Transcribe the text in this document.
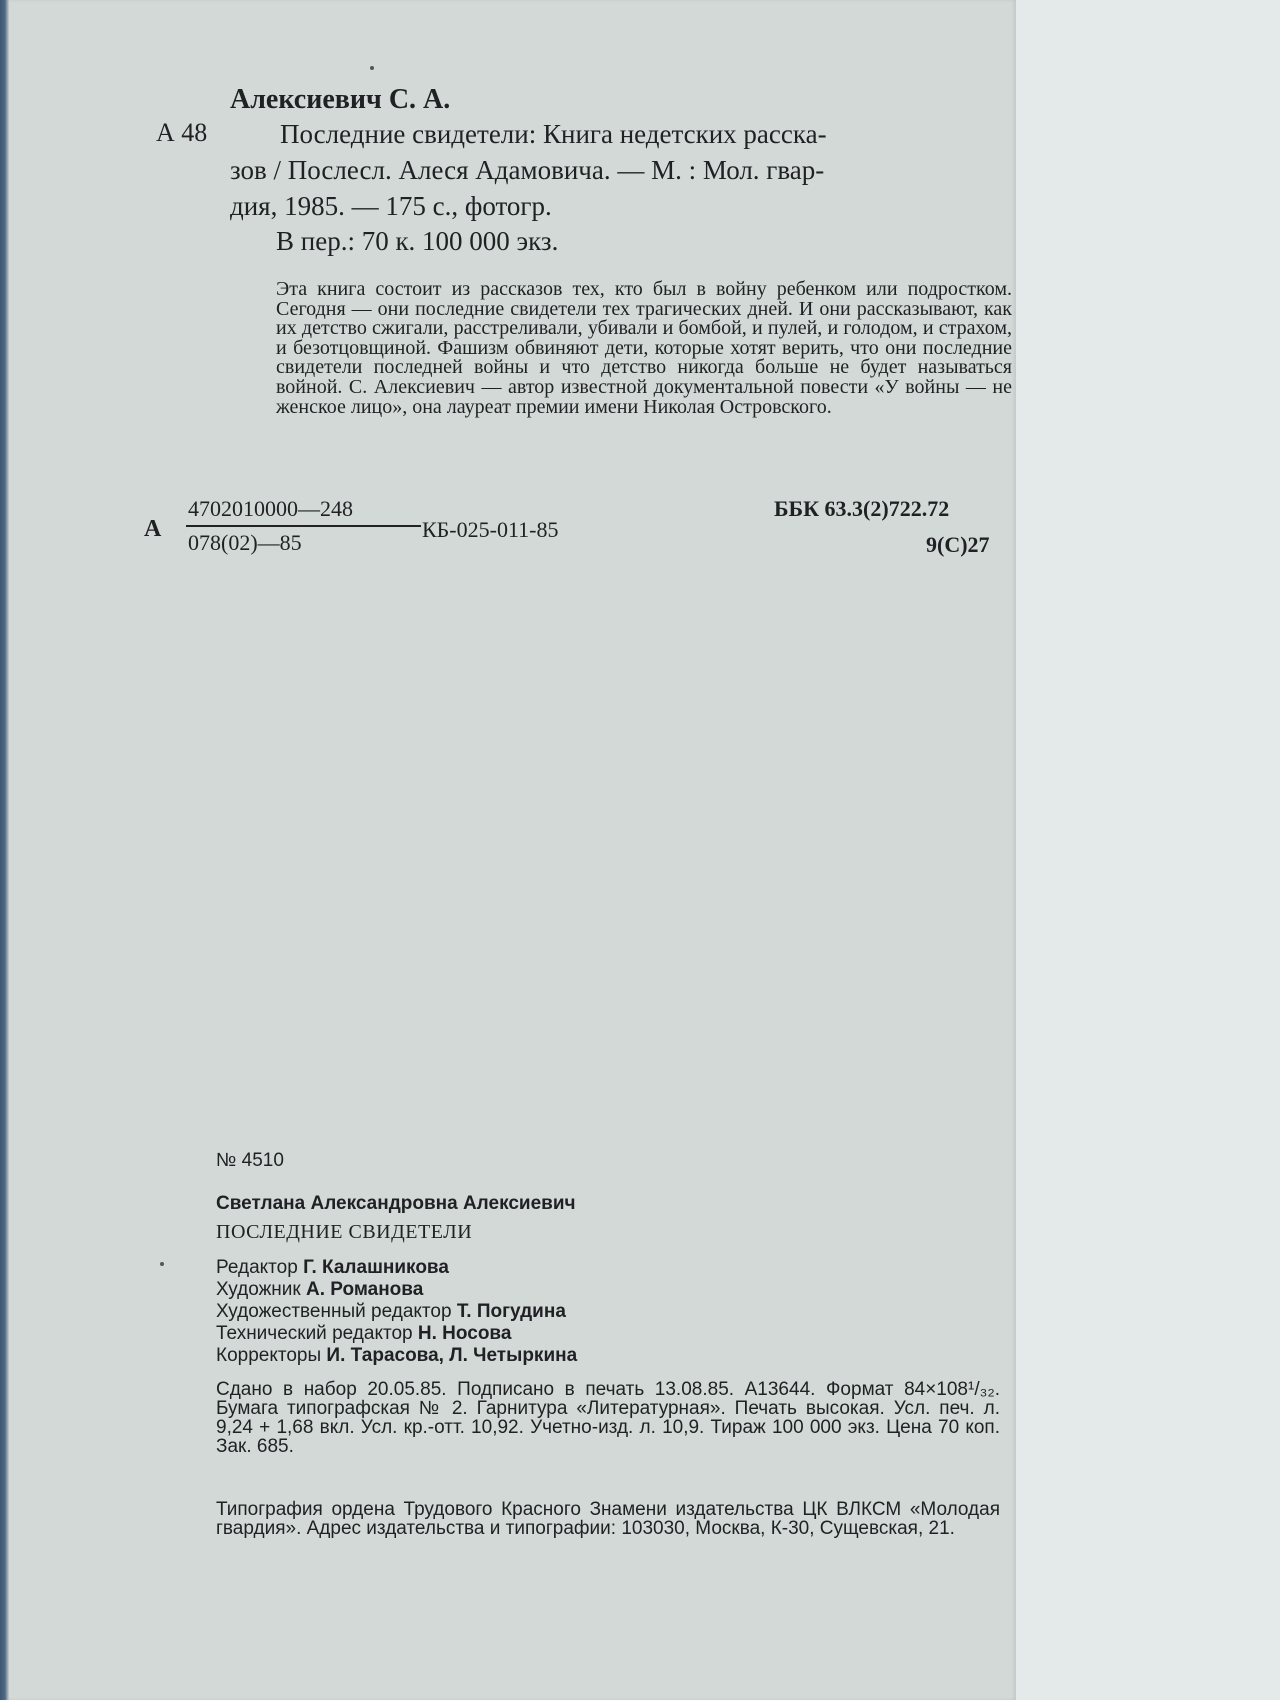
Алексиевич С. А.
А 48	Последние свидетели: Книга недетских расска-
зов / Послесл. Алеся Адамовича. — М. : Мол. гвар-
дия, 1985. — 175 с., фотогр.
В пер.: 70 к. 100 000 экз.

Эта книга состоит из рассказов тех, кто был в войну ребенком или подростком. Сегодня — они последние свидетели тех трагических дней. И они рассказывают, как их детство сжигали, расстреливали, убивали и бомбой, и пулей, и голодом, и страхом, и безотцовщиной. Фашизм обвиняют дети, которые хотят верить, что они последние свидетели последней войны и что детство никогда больше не будет называться войной. С. Алексиевич — автор известной документальной повести «У войны — не женское лицо», она лауреат премии имени Николая Островского.

А
4702010000—248
078(02)—85
КБ-025-011-85
ББК 63.3(2)722.72
9(С)27
№ 4510
Светлана Александровна Алексиевич
ПОСЛЕДНИЕ СВИДЕТЕЛИ
Редактор Г. Калашникова
Художник А. Романова
Художественный редактор Т. Погудина
Технический редактор Н. Носова
Корректоры И. Тарасова, Л. Четыркина

Сдано в набор 20.05.85. Подписано в печать 13.08.85. А13644. Формат 84×108¹/₃₂. Бумага типографская № 2. Гарнитура «Литературная». Печать высокая. Усл. печ. л. 9,24 + 1,68 вкл. Усл. кр.-отт. 10,92. Учетно-изд. л. 10,9. Тираж 100 000 экз. Цена 70 коп. Зак. 685.

Типография ордена Трудового Красного Знамени издательства ЦК ВЛКСМ «Молодая гвардия». Адрес издательства и типографии: 103030, Москва, К-30, Сущевская, 21.
